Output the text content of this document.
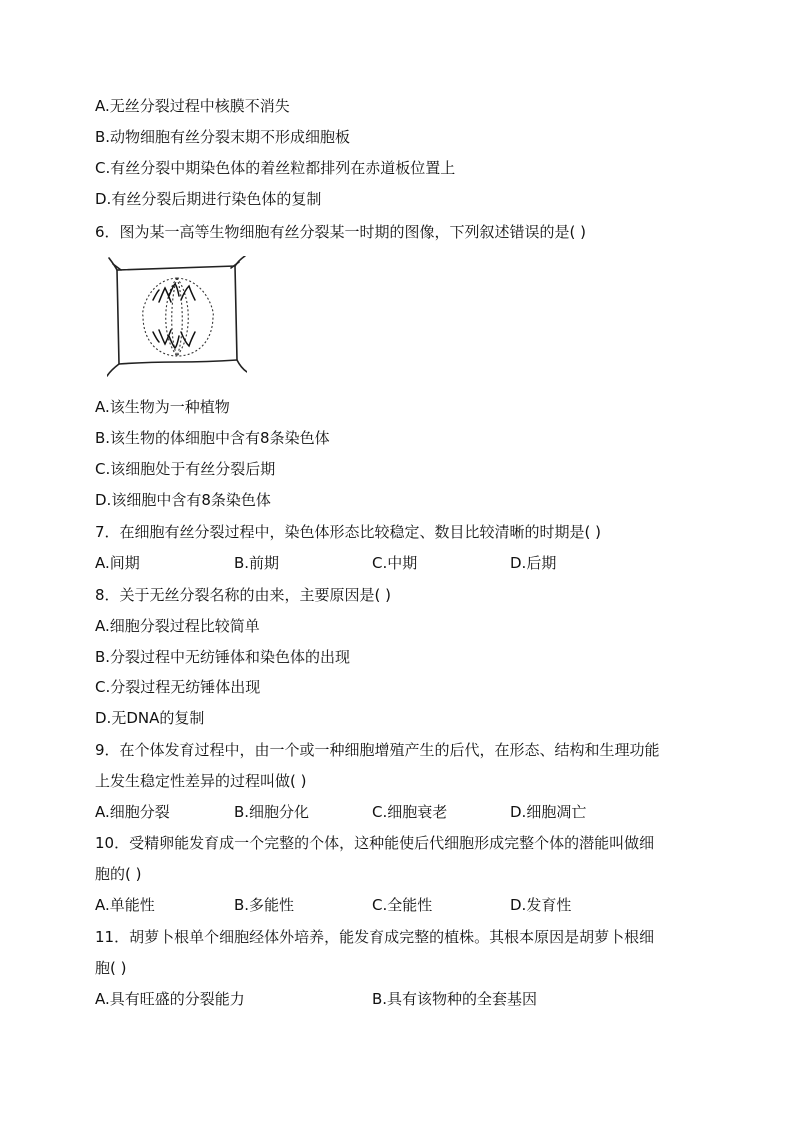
A.无丝分裂过程中核膜不消失
B.动物细胞有丝分裂末期不形成细胞板
C.有丝分裂中期染色体的着丝粒都排列在赤道板位置上
D.有丝分裂后期进行染色体的复制
6．图为某一高等生物细胞有丝分裂某一时期的图像，下列叙述错误的是( )
A.该生物为一种植物
B.该生物的体细胞中含有8条染色体
C.该细胞处于有丝分裂后期
D.该细胞中含有8条染色体
7．在细胞有丝分裂过程中，染色体形态比较稳定、数目比较清晰的时期是( )
A.间期	B.前期	C.中期	D.后期
8．关于无丝分裂名称的由来，主要原因是( )
A.细胞分裂过程比较简单
B.分裂过程中无纺锤体和染色体的出现
C.分裂过程无纺锤体出现
D.无DNA的复制
9．在个体发育过程中，由一个或一种细胞增殖产生的后代，在形态、结构和生理功能
上发生稳定性差异的过程叫做( )
A.细胞分裂	B.细胞分化	C.细胞衰老	D.细胞凋亡
10．受精卵能发育成一个完整的个体，这种能使后代细胞形成完整个体的潜能叫做细
胞的( )
A.单能性	B.多能性	C.全能性	D.发育性
11．胡萝卜根单个细胞经体外培养，能发育成完整的植株。其根本原因是胡萝卜根细
胞( )
A.具有旺盛的分裂能力	B.具有该物种的全套基因
